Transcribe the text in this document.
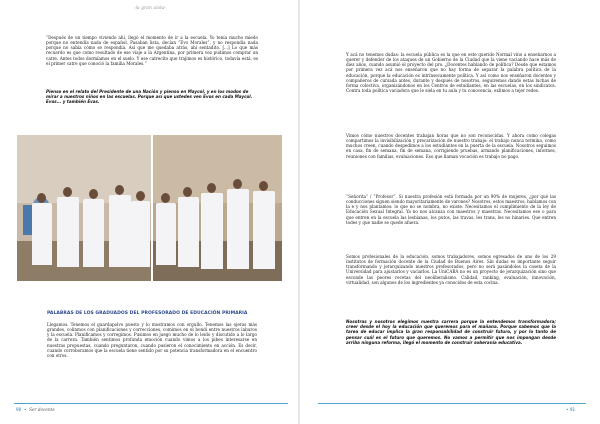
-la gran aista-

“Después de un tiempo viviendo ahí, llegó el momento de ir a la escuela. Yo tenía mucho miedo porque no entendía nada de español. Pasaban lista, decían “Evo Morales”, y no respondía nada porque no sabía cómo se respondía. Así que me quedaba atrás, ahí sentadito. [...] Lo que más recuerdo es que como resultado de ese viaje a la Argentina, por primera vez pudimos comprar un catre. Antes todos dormíamos en el suelo. Y ese catrecito que trajimos es histórico, todavía está, es el primer catre que conoció la familia Morales.”

Pienso en el relato del Presidente de una Nación y pienso en Maycol, y en los modos de mirar a nuestros niños en las escuelas. Porque así que ustedes ven Evos en cada Maycol. Evos... y también Evas.
PALABRAS DE LOS GRADUADOS DEL PROFESORADO DE EDUCACIÓN PRIMARIA

Llegamos. Tenemos el guardapolvo puesto y lo mostramos con orgullo. Tenemos las ojeras más grandes, colinmos con planificaciones y correcciones, comimos en el bondi entre nuestros laburos y la escuela. Planificamos y corregimos. Pusimos en juego mucho de lo leído y discutido a lo largo de la carrera. También sentimos profunda emoción cuando vimos a los pibes interesarse en nuestras propuestas, cuando preguntaron, cuando pusieron el conocimiento en acción. Es decir, cuando corroboramos que la escuela tiene sentido por su potencia transformadora en el encuentro con otros.

90  •  Ser docente	• 91
Y acá no tenemos dudas: la escuela pública es la que en este querido Normal vino a enseñarnos a querer y defender de los ataques de un Gobierno de la Ciudad que la viene vaciando hace más de diez años, cuando asumió el proyecto del pro. ¿Docentes hablando de política? Desde que estamos por primera vez acá nos enseñaron que no hay forma de separar la palabra política de la educación, porque la educación es intrínsecamente política. Y así como nos enseñaron docentes y compañeros de cursada antes, durante y después de nosotros, seguiremos dando estas luchas de forma colectiva, organizándonos en los Centros de estudiantes, en las escuelas, en los sindicatos. Contra toda política vaciadora que le siela en tu aula y tu conocencia, exlimos a tejer redes.
Vimos cómo nuestros docentes trabajan horas que no son reconocidas. Y ahora como colegas compartimos la invisibilización y precarización de nuestro trabajo: el trabajo nunca termina, como muchos creen, cuando despedimos a los estudiantes en la puerta de la escuela. Nosotros seguimos en casa, fin de semana, fin de semana, corrigiendo pruebas, armando planificaciones, informes, reuniones con familias, evaluaciones. Eso que llaman vocación es trabajo no pago.
“Señorita” / “Profesor”. Si nuestra profesión está formada por un 90% de mujeres, ¿por qué las conducciones siguen siendo mayoritariamente de varones? Nosotros, estos maestros, hablamos con la e y nos plantamos: lo que no se nombra, no existe. Necesitamos el cumplimiento de la ley de Educación Sexual Integral. Ya no nos alcanza con maestros y maestras. Necesitamos ese o para que entren en la escuela las lesbianas, los putos, las travas, les trans, les no binaries. Que entren todes y que nadie se quede afuera.
Somos profesionales de la educación, somos trabajadores, somos egresados de uno de los 29 institutos de formación docente de la Ciudad de Buenos Aires. Sin dudas es importante seguir transformando y jerarquizando nuestros profesorados, pero no será pasándoles la caseta de la Universidad para ajustarlos y vaciarlos. La UniCABA no es un proyecto de jerarquización sino que esconde las peores recetas del neoliberalismo. Calidad, ranking, evaluación, innovación, virtualidad, son algunos de los ingredientes ya conocidos de esta cocina.
Nosotras y nosotros elegimos nuestra carrera porque la entendemos transformadora; creer desde el hoy la educación que queremos para el mañana. Porque sabemos que la tarea de educar implica la gran responsabilidad de construir futuro, y por lo tanto de pensar cuál es el futuro que queremos. No vamos a permitir que nos impongan desde arriba ninguna reforma, llegó el momento de construir soberanía educativa.
